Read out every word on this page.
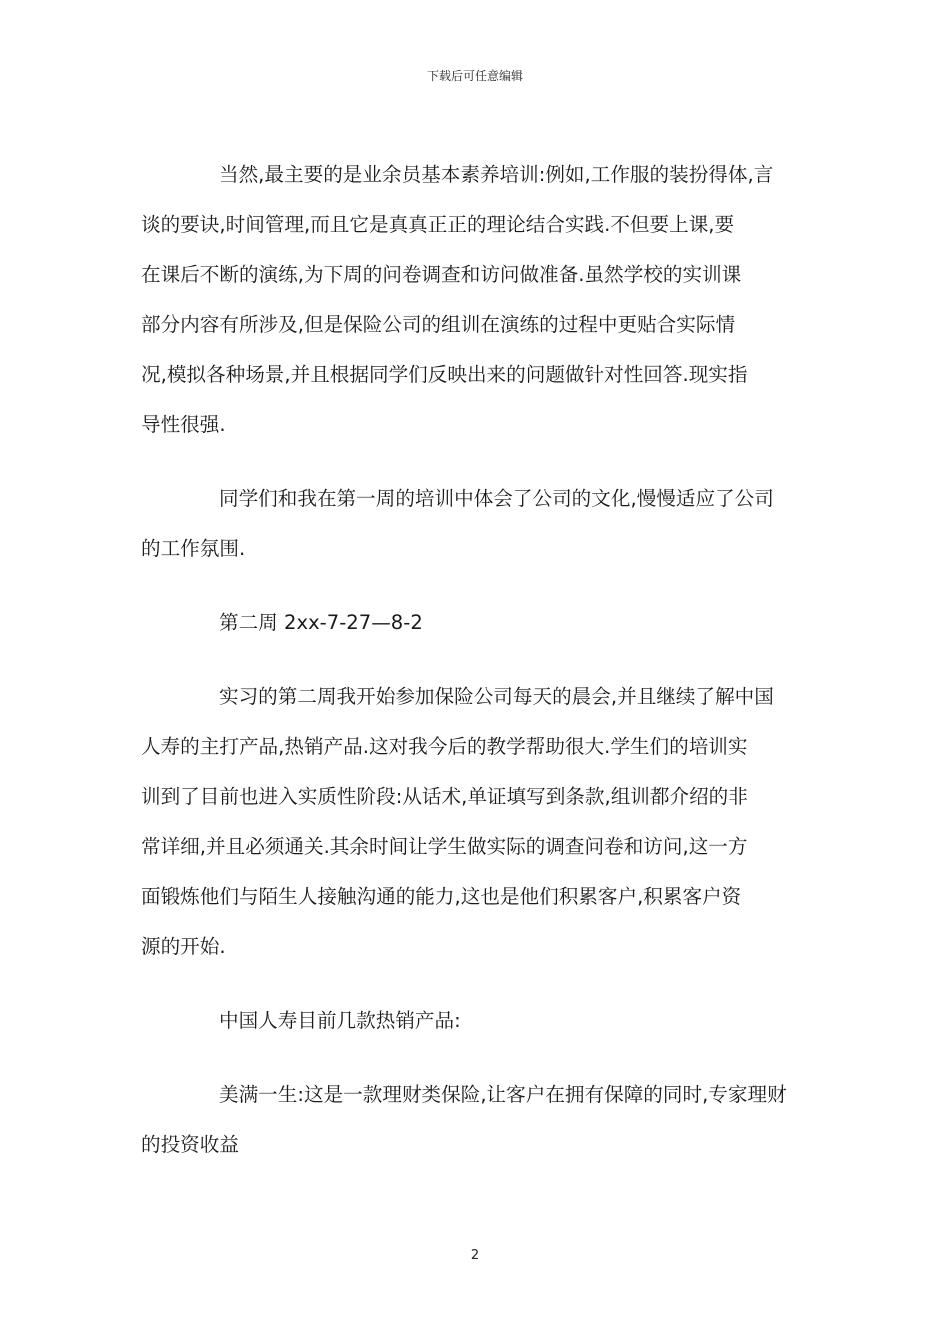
下载后可任意编辑

当然,最主要的是业余员基本素养培训:例如,工作服的装扮得体,言
谈的要诀,时间管理,而且它是真真正正的理论结合实践.不但要上课,要
在课后不断的演练,为下周的问卷调查和访问做准备.虽然学校的实训课
部分内容有所涉及,但是保险公司的组训在演练的过程中更贴合实际情
况,模拟各种场景,并且根据同学们反映出来的问题做针对性回答.现实指
导性很强.

同学们和我在第一周的培训中体会了公司的文化,慢慢适应了公司
的工作氛围.

第二周 2xx-7-27—8-2

实习的第二周我开始参加保险公司每天的晨会,并且继续了解中国
人寿的主打产品,热销产品.这对我今后的教学帮助很大.学生们的培训实
训到了目前也进入实质性阶段:从话术,单证填写到条款,组训都介绍的非
常详细,并且必须通关.其余时间让学生做实际的调查问卷和访问,这一方
面锻炼他们与陌生人接触沟通的能力,这也是他们积累客户,积累客户资
源的开始.

中国人寿目前几款热销产品:

美满一生:这是一款理财类保险,让客户在拥有保障的同时,专家理财
的投资收益

2
